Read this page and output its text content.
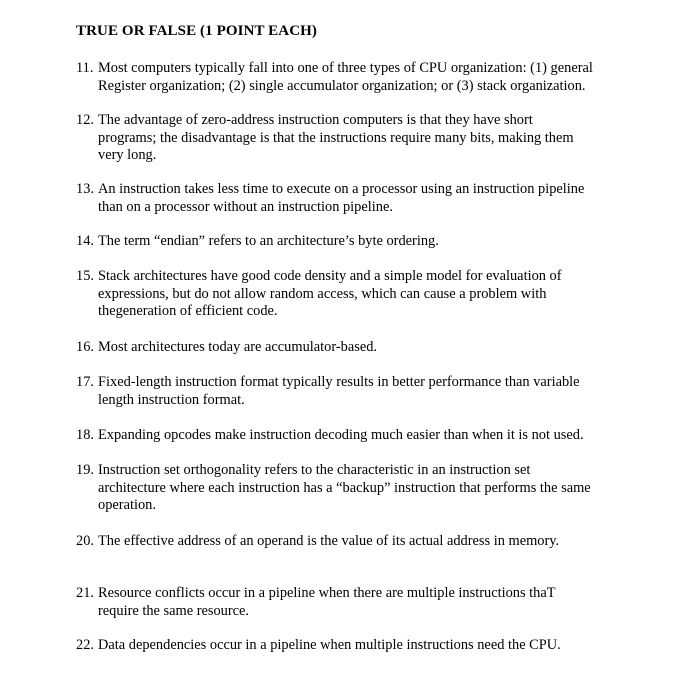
TRUE OR FALSE (1 POINT EACH)
11. Most computers typically fall into one of three types of CPU organization: (1) general
Register organization; (2) single accumulator organization; or (3) stack organization.
12. The advantage of zero-address instruction computers is that they have short
programs; the disadvantage is that the instructions require many bits, making them
very long.
13. An instruction takes less time to execute on a processor using an instruction pipeline
than on a processor without an instruction pipeline.
14. The term “endian” refers to an architecture’s byte ordering.
15. Stack architectures have good code density and a simple model for evaluation of
expressions, but do not allow random access, which can cause a problem with
thegeneration of efficient code.
16. Most architectures today are accumulator-based.
17. Fixed-length instruction format typically results in better performance than variable
length instruction format.
18. Expanding opcodes make instruction decoding much easier than when it is not used.
19. Instruction set orthogonality refers to the characteristic in an instruction set
architecture where each instruction has a “backup” instruction that performs the same
operation.
20. The effective address of an operand is the value of its actual address in memory.
21. Resource conflicts occur in a pipeline when there are multiple instructions thaT
require the same resource.
22. Data dependencies occur in a pipeline when multiple instructions need the CPU.
